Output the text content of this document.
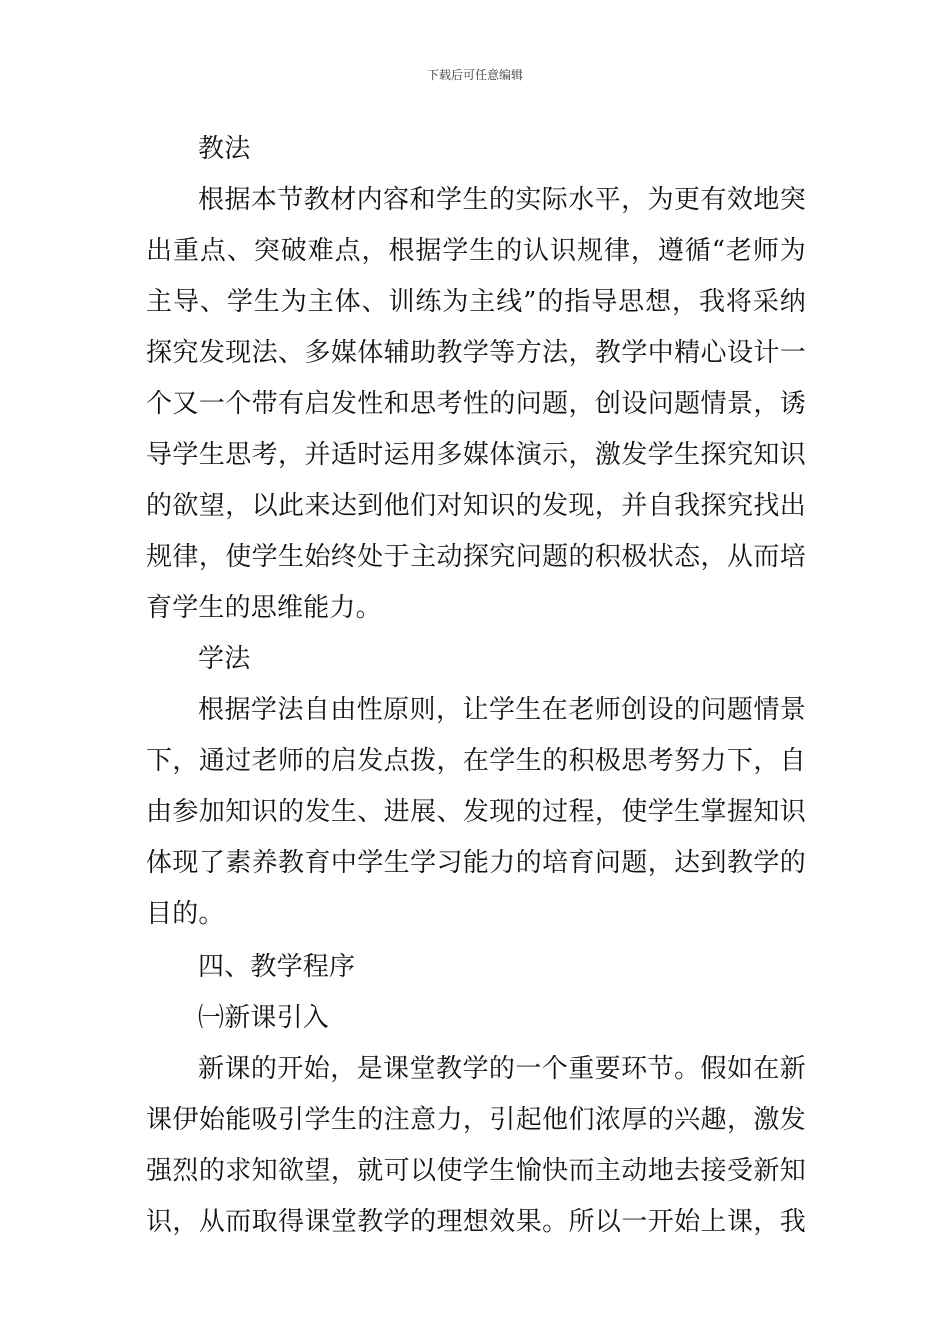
下载后可任意编辑
教法
根据本节教材内容和学生的实际水平，为更有效地突
出重点、突破难点，根据学生的认识规律，遵循“老师为
主导、学生为主体、训练为主线”的指导思想，我将采纳
探究发现法、多媒体辅助教学等方法，教学中精心设计一
个又一个带有启发性和思考性的问题，创设问题情景，诱
导学生思考，并适时运用多媒体演示，激发学生探究知识
的欲望，以此来达到他们对知识的发现，并自我探究找出
规律，使学生始终处于主动探究问题的积极状态，从而培
育学生的思维能力。
学法
根据学法自由性原则，让学生在老师创设的问题情景
下，通过老师的启发点拨，在学生的积极思考努力下，自
由参加知识的发生、进展、发现的过程，使学生掌握知识
体现了素养教育中学生学习能力的培育问题，达到教学的
目的。
四、教学程序
㈠新课引入
新课的开始，是课堂教学的一个重要环节。假如在新
课伊始能吸引学生的注意力，引起他们浓厚的兴趣，激发
强烈的求知欲望，就可以使学生愉快而主动地去接受新知
识，从而取得课堂教学的理想效果。所以一开始上课，我
